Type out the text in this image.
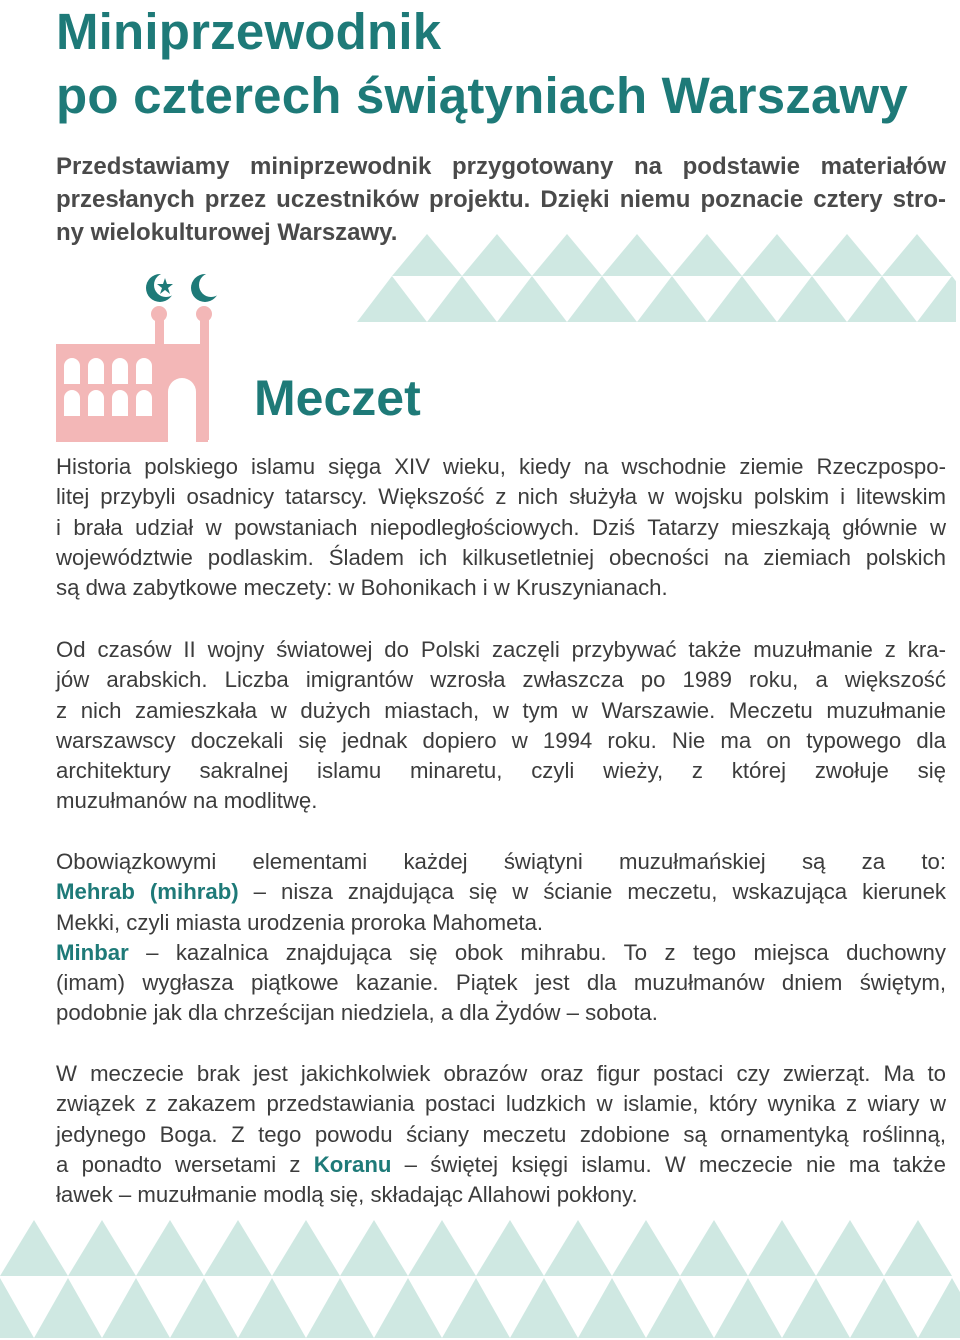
Miniprzewodnik
po czterech świątyniach Warszawy

Przedstawiamy miniprzewodnik przygotowany na podstawie materiałów
przesłanych przez uczestników projektu. Dzięki niemu poznacie cztery stro-
ny wielokulturowej Warszawy.

Meczet
Historia polskiego islamu sięga XIV wieku, kiedy na wschodnie ziemie Rzeczpospo-
litej przybyli osadnicy tatarscy. Większość z nich służyła w wojsku polskim i litewskim
i brała udział w powstaniach niepodległościowych. Dziś Tatarzy mieszkają głównie w
województwie podlaskim. Śladem ich kilkusetletniej obecności na ziemiach polskich
są dwa zabytkowe meczety: w Bohonikach i w Kruszynianach.
Od czasów II wojny światowej do Polski zaczęli przybywać także muzułmanie z kra-
jów arabskich. Liczba imigrantów wzrosła zwłaszcza po 1989 roku, a większość
z nich zamieszkała w dużych miastach, w tym w Warszawie. Meczetu muzułmanie
warszawscy doczekali się jednak dopiero w 1994 roku. Nie ma on typowego dla
architektury sakralnej islamu minaretu, czyli wieży, z której zwołuje się
muzułmanów na modlitwę.
Obowiązkowymi elementami każdej świątyni muzułmańskiej są za to:
Mehrab (mihrab) – nisza znajdująca się w ścianie meczetu, wskazująca kierunek
Mekki, czyli miasta urodzenia proroka Mahometa.
Minbar – kazalnica znajdująca się obok mihrabu. To z tego miejsca duchowny
(imam) wygłasza piątkowe kazanie. Piątek jest dla muzułmanów dniem świętym,
podobnie jak dla chrześcijan niedziela, a dla Żydów – sobota.
W meczecie brak jest jakichkolwiek obrazów oraz figur postaci czy zwierząt. Ma to
związek z zakazem przedstawiania postaci ludzkich w islamie, który wynika z wiary w
jedynego Boga. Z tego powodu ściany meczetu zdobione są ornamentyką roślinną,
a ponadto wersetami z Koranu – świętej księgi islamu. W meczecie nie ma także
ławek – muzułmanie modlą się, składając Allahowi pokłony.
